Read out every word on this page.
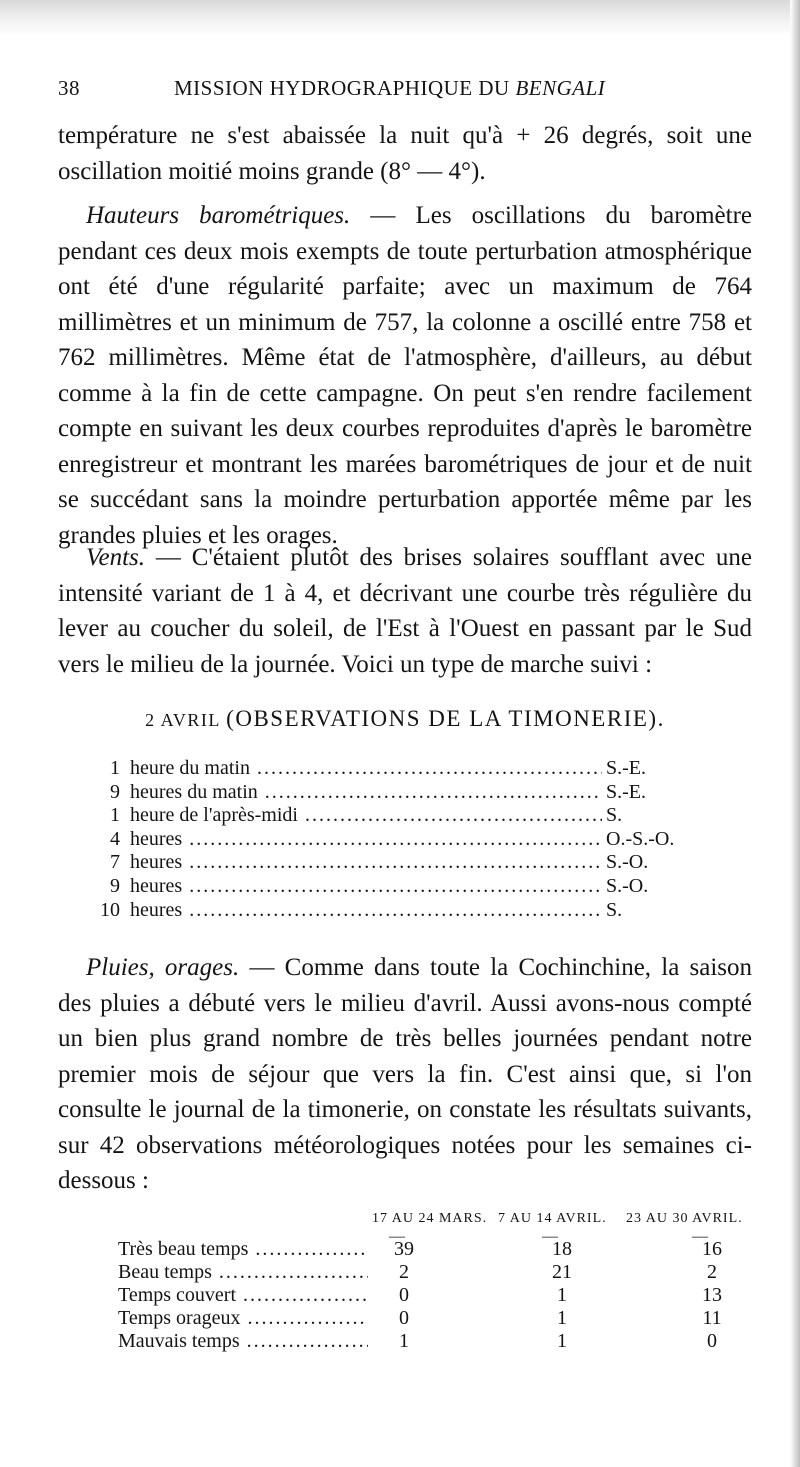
38	MISSION HYDROGRAPHIQUE DU BENGALI
température ne s'est abaissée la nuit qu'à + 26 degrés, soit une oscillation moitié moins grande (8° — 4°).
Hauteurs barométriques. — Les oscillations du baromètre pendant ces deux mois exempts de toute perturbation atmosphérique ont été d'une régularité parfaite; avec un maximum de 764 millimètres et un minimum de 757, la colonne a oscillé entre 758 et 762 millimètres. Même état de l'atmosphère, d'ailleurs, au début comme à la fin de cette campagne. On peut s'en rendre facilement compte en suivant les deux courbes reproduites d'après le baromètre enregistreur et montrant les marées barométriques de jour et de nuit se succédant sans la moindre perturbation apportée même par les grandes pluies et les orages.
Vents. — C'étaient plutôt des brises solaires soufflant avec une intensité variant de 1 à 4, et décrivant une courbe très régulière du lever au coucher du soleil, de l'Est à l'Ouest en passant par le Sud vers le milieu de la journée. Voici un type de marche suivi :
2 AVRIL (OBSERVATIONS DE LA TIMONERIE).
1 heure du matin .....	S.-E.
9 heures du matin .....	S.-E.
1 heure de l'après-midi .....	S.
4 heures .....	O.-S.-O.
7 heures .....	S.-O.
9 heures .....	S.-O.
10 heures .....	S.
Pluies, orages. — Comme dans toute la Cochinchine, la saison des pluies a débuté vers le milieu d'avril. Aussi avons-nous compté un bien plus grand nombre de très belles journées pendant notre premier mois de séjour que vers la fin. C'est ainsi que, si l'on consulte le journal de la timonerie, on constate les résultats suivants, sur 42 observations météorologiques notées pour les semaines ci-dessous :
17 AU 24 MARS. 7 AU 14 AVRIL. 23 AU 30 AVRIL.
—	—	—
Très beau temps .....	39	18	16
Beau temps .....	2	21	2
Temps couvert .....	0	1	13
Temps orageux .....	0	1	11
Mauvais temps .....	1	1	0
